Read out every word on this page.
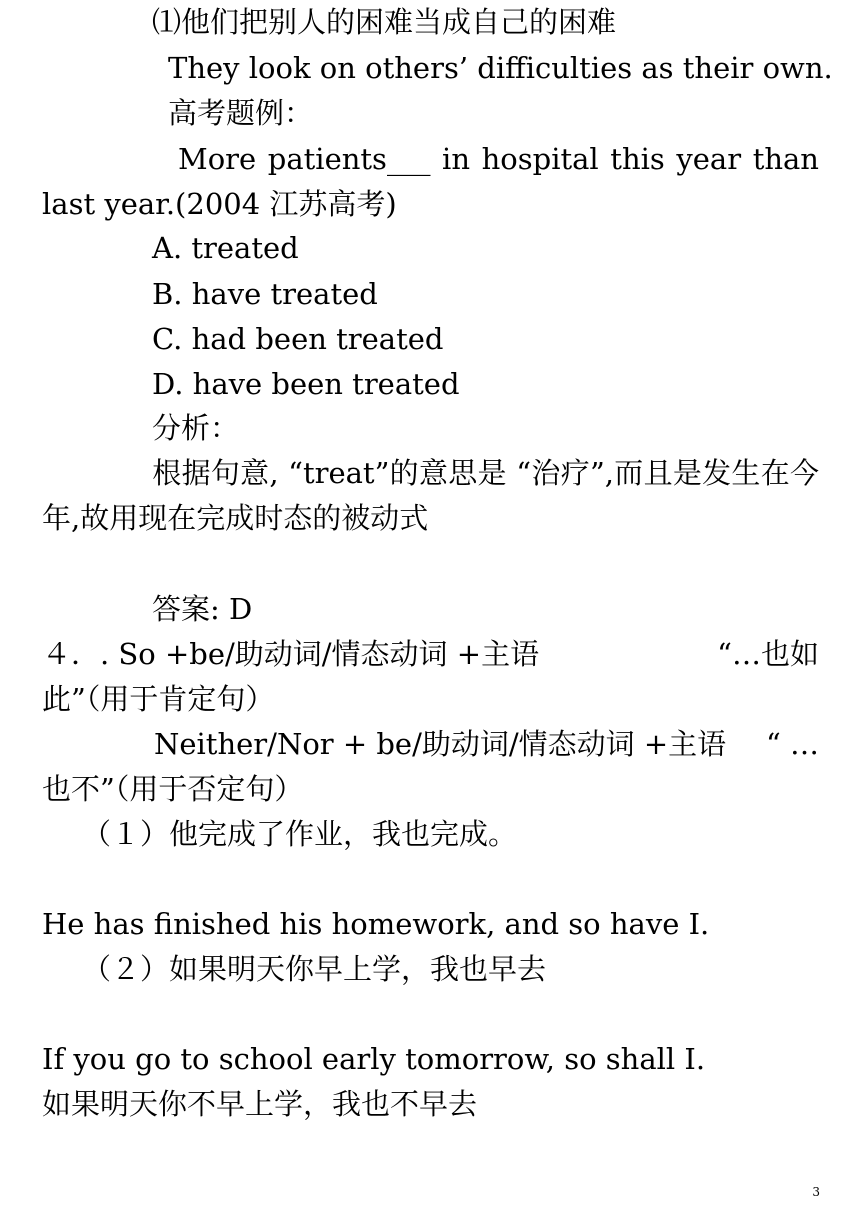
⑴他们把别人的困难当成自己的困难

They look on others’ difficulties as their own.

高考题例：

More patients___ in hospital this year than last year.(2004 江苏高考)

A. treated

B. have treated

C. had been treated

D. have been treated

分析：

根据句意, “treat”的意思是 “治疗”,而且是发生在今年,故用现在完成时态的被动式

答案: D

４．. So +be/助动词/情态动词 +主语	“…也如

此”（用于肯定句）

Neither/Nor + be/助动词/情态动词 +主语 “ …

也不”（用于否定句）

（１）他完成了作业，我也完成。

He has finished his homework, and so have I.

（２）如果明天你早上学，我也早去

If you go to school early tomorrow, so shall I.

如果明天你不早上学，我也不早去

3
